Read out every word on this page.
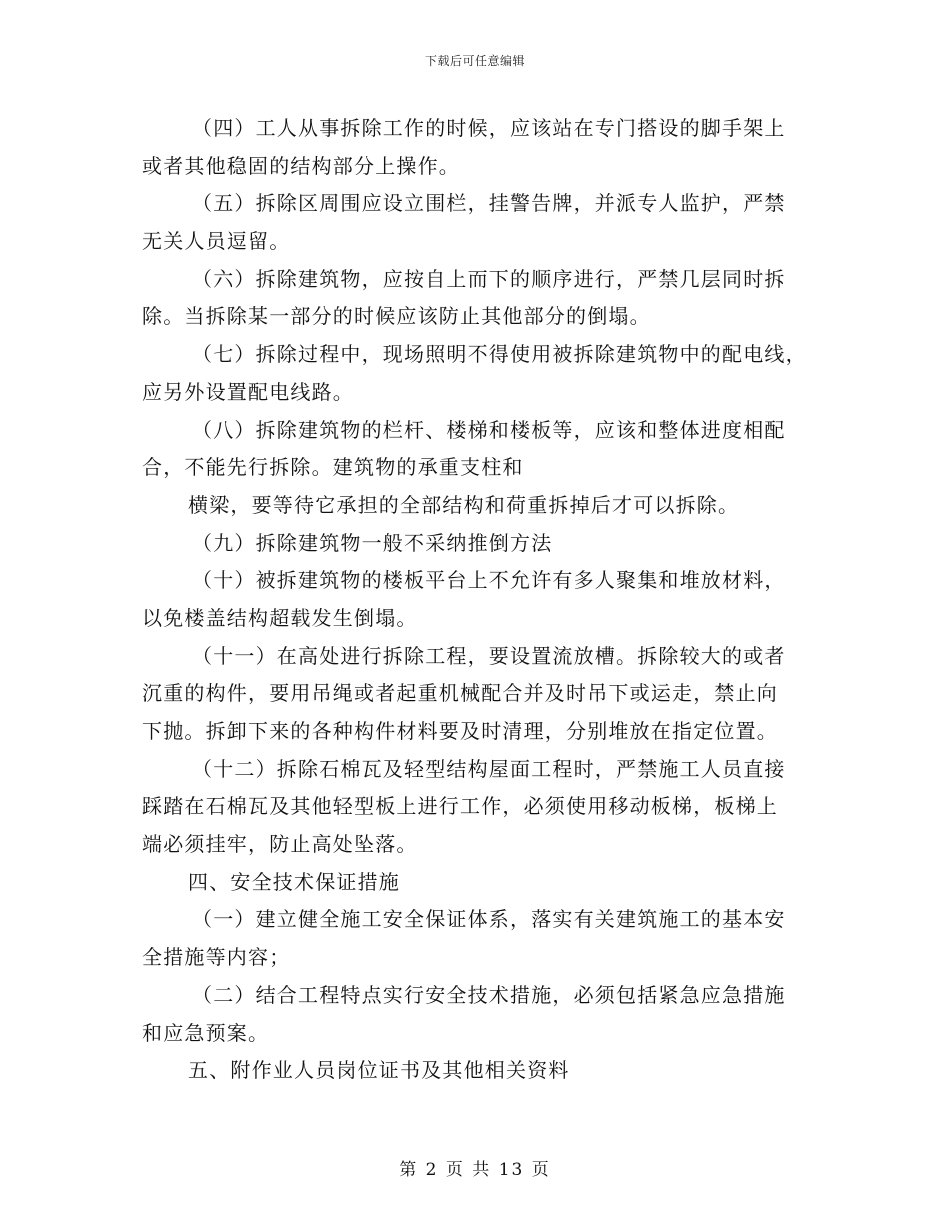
下载后可任意编辑
（四）工人从事拆除工作的时候，应该站在专门搭设的脚手架上
或者其他稳固的结构部分上操作。
（五）拆除区周围应设立围栏，挂警告牌，并派专人监护，严禁
无关人员逗留。
（六）拆除建筑物，应按自上而下的顺序进行，严禁几层同时拆
除。当拆除某一部分的时候应该防止其他部分的倒塌。
（七）拆除过程中，现场照明不得使用被拆除建筑物中的配电线，
应另外设置配电线路。
（八）拆除建筑物的栏杆、楼梯和楼板等，应该和整体进度相配
合，不能先行拆除。建筑物的承重支柱和
横梁，要等待它承担的全部结构和荷重拆掉后才可以拆除。
（九）拆除建筑物一般不采纳推倒方法
（十）被拆建筑物的楼板平台上不允许有多人聚集和堆放材料，
以免楼盖结构超载发生倒塌。
（十一）在高处进行拆除工程，要设置流放槽。拆除较大的或者
沉重的构件，要用吊绳或者起重机械配合并及时吊下或运走，禁止向
下抛。拆卸下来的各种构件材料要及时清理，分别堆放在指定位置。
（十二）拆除石棉瓦及轻型结构屋面工程时，严禁施工人员直接
踩踏在石棉瓦及其他轻型板上进行工作，必须使用移动板梯，板梯上
端必须挂牢，防止高处坠落。
四、安全技术保证措施
（一）建立健全施工安全保证体系，落实有关建筑施工的基本安
全措施等内容；
（二）结合工程特点实行安全技术措施，必须包括紧急应急措施
和应急预案。
五、附作业人员岗位证书及其他相关资料
第 2 页 共 13 页
